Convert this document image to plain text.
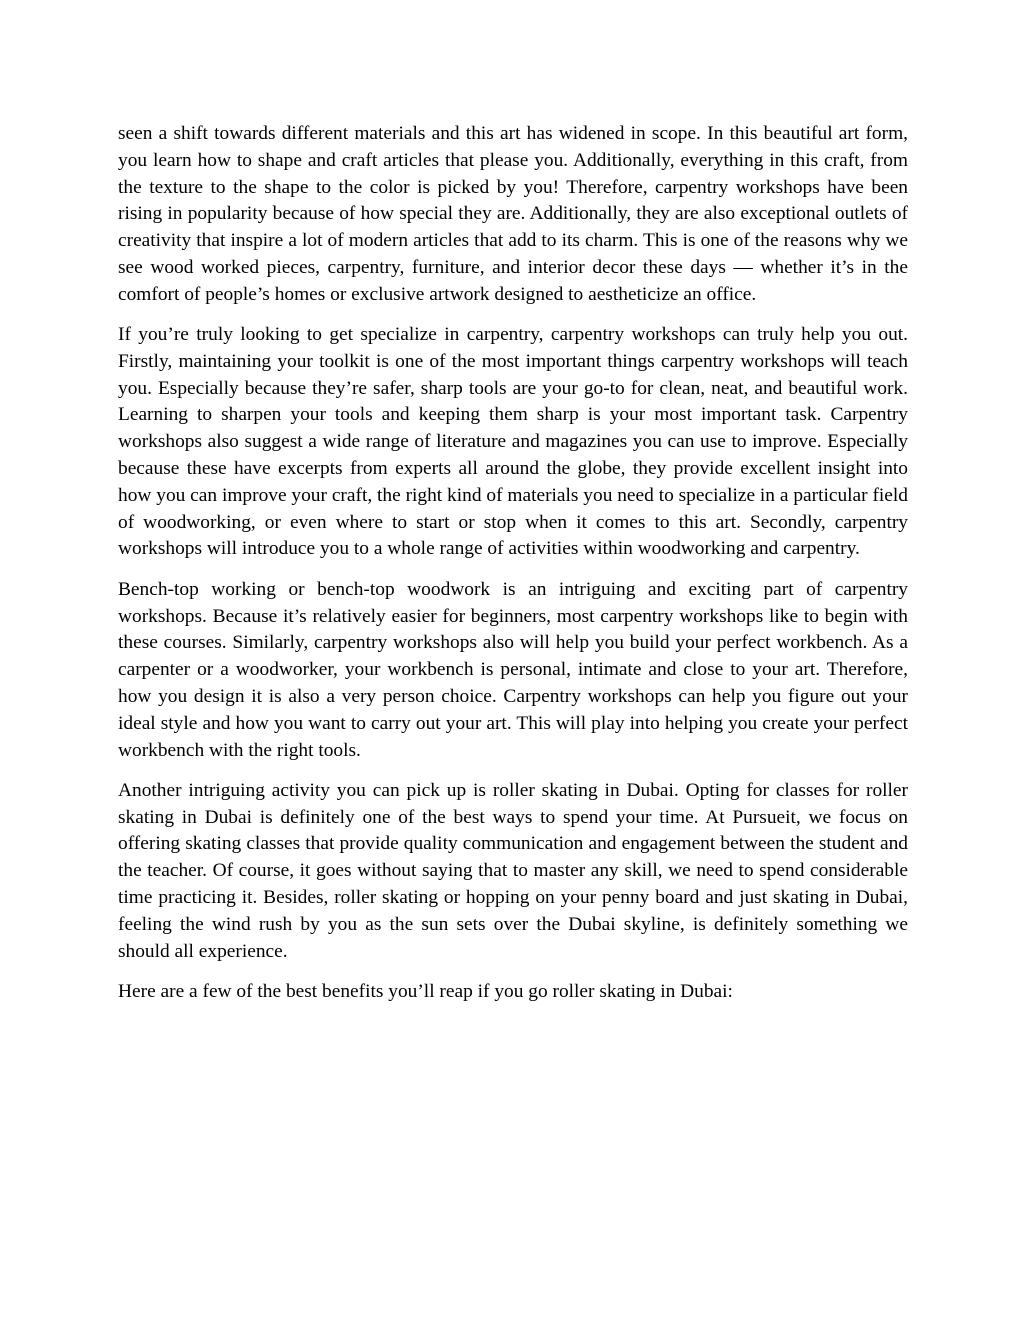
seen a shift towards different materials and this art has widened in scope. In this beautiful art form, you learn how to shape and craft articles that please you. Additionally, everything in this craft, from the texture to the shape to the color is picked by you! Therefore, carpentry workshops have been rising in popularity because of how special they are. Additionally, they are also exceptional outlets of creativity that inspire a lot of modern articles that add to its charm. This is one of the reasons why we see wood worked pieces, carpentry, furniture, and interior decor these days — whether it’s in the comfort of people’s homes or exclusive artwork designed to aestheticize an office.

If you’re truly looking to get specialize in carpentry, carpentry workshops can truly help you out. Firstly, maintaining your toolkit is one of the most important things carpentry workshops will teach you. Especially because they’re safer, sharp tools are your go-to for clean, neat, and beautiful work. Learning to sharpen your tools and keeping them sharp is your most important task. Carpentry workshops also suggest a wide range of literature and magazines you can use to improve. Especially because these have excerpts from experts all around the globe, they provide excellent insight into how you can improve your craft, the right kind of materials you need to specialize in a particular field of woodworking, or even where to start or stop when it comes to this art. Secondly, carpentry workshops will introduce you to a whole range of activities within woodworking and carpentry.

Bench-top working or bench-top woodwork is an intriguing and exciting part of carpentry workshops. Because it’s relatively easier for beginners, most carpentry workshops like to begin with these courses. Similarly, carpentry workshops also will help you build your perfect workbench. As a carpenter or a woodworker, your workbench is personal, intimate and close to your art. Therefore, how you design it is also a very person choice. Carpentry workshops can help you figure out your ideal style and how you want to carry out your art. This will play into helping you create your perfect workbench with the right tools.

Another intriguing activity you can pick up is roller skating in Dubai. Opting for classes for roller skating in Dubai is definitely one of the best ways to spend your time. At Pursueit, we focus on offering skating classes that provide quality communication and engagement between the student and the teacher. Of course, it goes without saying that to master any skill, we need to spend considerable time practicing it. Besides, roller skating or hopping on your penny board and just skating in Dubai, feeling the wind rush by you as the sun sets over the Dubai skyline, is definitely something we should all experience.

Here are a few of the best benefits you’ll reap if you go roller skating in Dubai:
